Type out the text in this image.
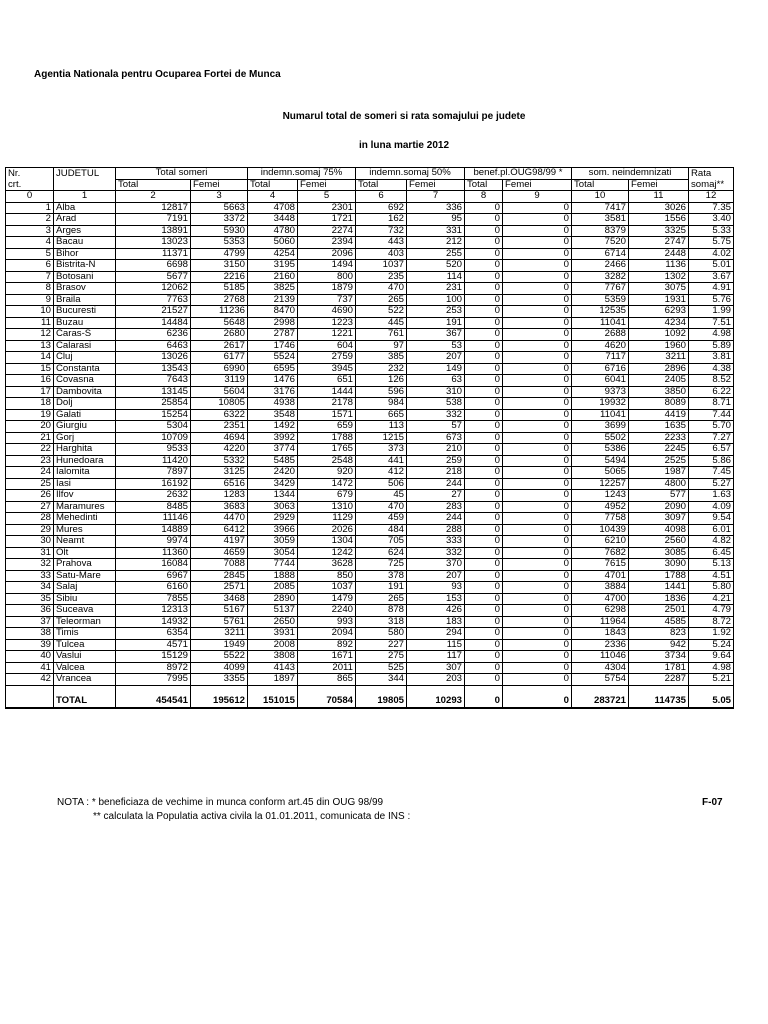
Agentia Nationala pentru Ocuparea Fortei de Munca
Numarul total de someri si rata somajului pe judete
in luna martie 2012
Nr.	JUDETUL	Total someri		indemn.somaj 75%		indemn.somaj 50%		benef.pl.OUG98/99 *		som. neindemnizati		Rata
crt.		Total	Femei	Total	Femei	Total	Femei	Total	Femei	Total	Femei	somaj**
0	1	2	3	4	5	6	7	8	9	10	11	12
1	Alba	12817	5663	4708	2301	692	336	0	0	7417	3026	7.35
2	Arad	7191	3372	3448	1721	162	95	0	0	3581	1556	3.40
3	Arges	13891	5930	4780	2274	732	331	0	0	8379	3325	5.33
4	Bacau	13023	5353	5060	2394	443	212	0	0	7520	2747	5.75
5	Bihor	11371	4799	4254	2096	403	255	0	0	6714	2448	4.02
6	Bistrita-N	6698	3150	3195	1494	1037	520	0	0	2466	1136	5.01
7	Botosani	5677	2216	2160	800	235	114	0	0	3282	1302	3.67
8	Brasov	12062	5185	3825	1879	470	231	0	0	7767	3075	4.91
9	Braila	7763	2768	2139	737	265	100	0	0	5359	1931	5.76
10	Bucuresti	21527	11236	8470	4690	522	253	0	0	12535	6293	1.99
11	Buzau	14484	5648	2998	1223	445	191	0	0	11041	4234	7.51
12	Caras-S	6236	2680	2787	1221	761	367	0	0	2688	1092	4.98
13	Calarasi	6463	2617	1746	604	97	53	0	0	4620	1960	5.89
14	Cluj	13026	6177	5524	2759	385	207	0	0	7117	3211	3.81
15	Constanta	13543	6990	6595	3945	232	149	0	0	6716	2896	4.38
16	Covasna	7643	3119	1476	651	126	63	0	0	6041	2405	8.52
17	Dambovita	13145	5604	3176	1444	596	310	0	0	9373	3850	6.22
18	Dolj	25854	10805	4938	2178	984	538	0	0	19932	8089	8.71
19	Galati	15254	6322	3548	1571	665	332	0	0	11041	4419	7.44
20	Giurgiu	5304	2351	1492	659	113	57	0	0	3699	1635	5.70
21	Gorj	10709	4694	3992	1788	1215	673	0	0	5502	2233	7.27
22	Harghita	9533	4220	3774	1765	373	210	0	0	5386	2245	6.57
23	Hunedoara	11420	5332	5485	2548	441	259	0	0	5494	2525	5.86
24	Ialomita	7897	3125	2420	920	412	218	0	0	5065	1987	7.45
25	Iasi	16192	6516	3429	1472	506	244	0	0	12257	4800	5.27
26	Ilfov	2632	1283	1344	679	45	27	0	0	1243	577	1.63
27	Maramures	8485	3683	3063	1310	470	283	0	0	4952	2090	4.09
28	Mehedinti	11146	4470	2929	1129	459	244	0	0	7758	3097	9.54
29	Mures	14889	6412	3966	2026	484	288	0	0	10439	4098	6.01
30	Neamt	9974	4197	3059	1304	705	333	0	0	6210	2560	4.82
31	Olt	11360	4659	3054	1242	624	332	0	0	7682	3085	6.45
32	Prahova	16084	7088	7744	3628	725	370	0	0	7615	3090	5.13
33	Satu-Mare	6967	2845	1888	850	378	207	0	0	4701	1788	4.51
34	Salaj	6160	2571	2085	1037	191	93	0	0	3884	1441	5.80
35	Sibiu	7855	3468	2890	1479	265	153	0	0	4700	1836	4.21
36	Suceava	12313	5167	5137	2240	878	426	0	0	6298	2501	4.79
37	Teleorman	14932	5761	2650	993	318	183	0	0	11964	4585	8.72
38	Timis	6354	3211	3931	2094	580	294	0	0	1843	823	1.92
39	Tulcea	4571	1949	2008	892	227	115	0	0	2336	942	5.24
40	Vaslui	15129	5522	3808	1671	275	117	0	0	11046	3734	9.64
41	Valcea	8972	4099	4143	2011	525	307	0	0	4304	1781	4.98
42	Vrancea	7995	3355	1897	865	344	203	0	0	5754	2287	5.21

	TOTAL	454541	195612	151015	70584	19805	10293	0	0	283721	114735	5.05
NOTA : * beneficiaza de vechime in munca conform art.45 din OUG 98/99
** calculata la Populatia activa civila la 01.01.2011, comunicata de INS :
F-07
